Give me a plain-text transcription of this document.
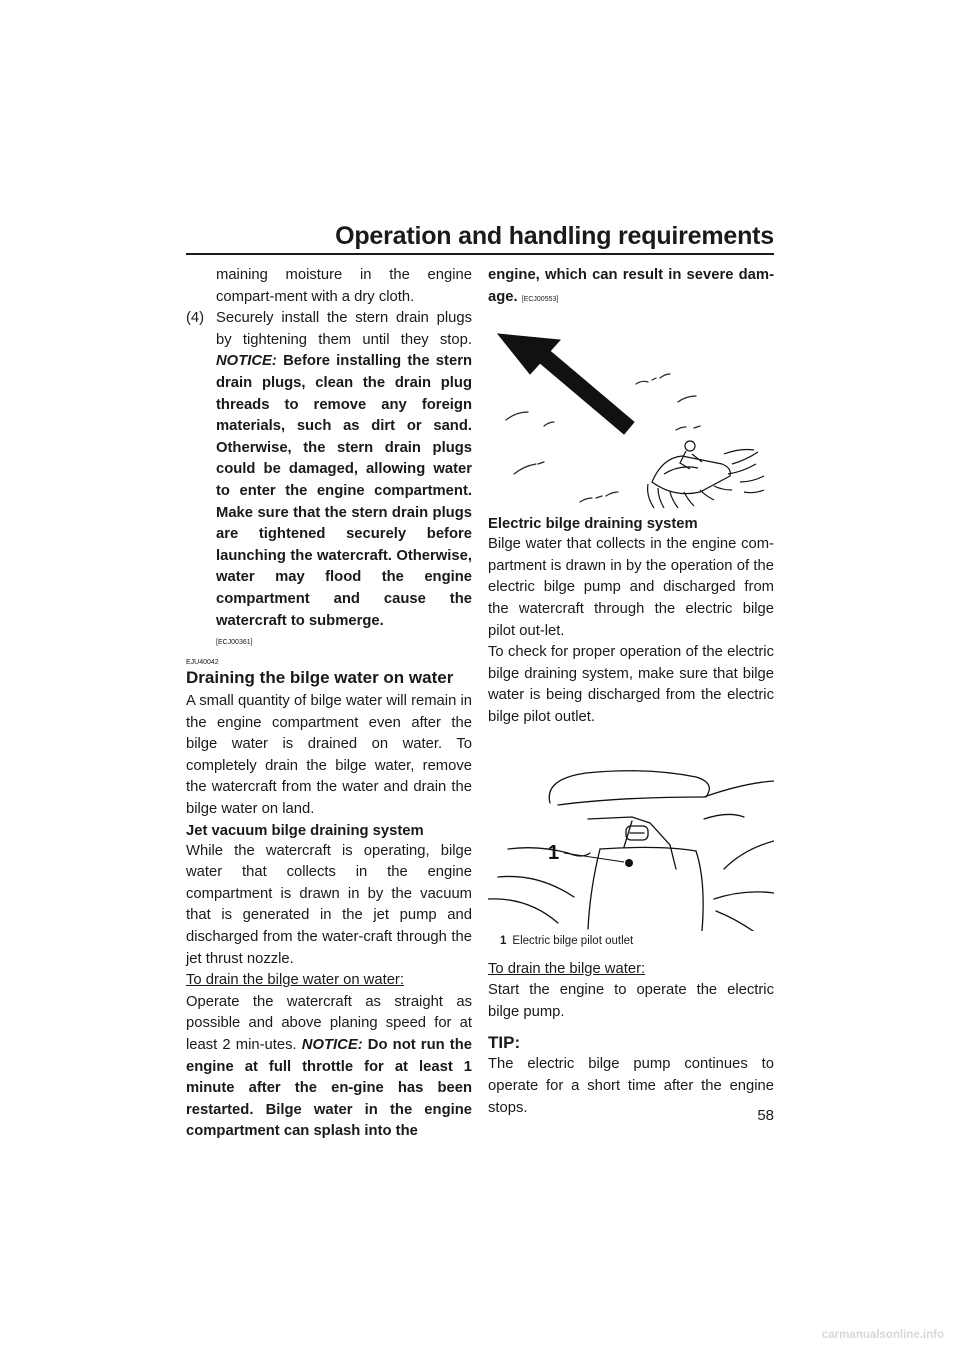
Operation and handling requirements

maining moisture in the engine compart-ment with a dry cloth.

(4) Securely install the stern drain plugs by tightening them until they stop. NOTICE: Before installing the stern drain plugs, clean the drain plug threads to remove any foreign materials, such as dirt or sand. Otherwise, the stern drain plugs could be damaged, allowing water to enter the engine compartment. Make sure that the stern drain plugs are tightened securely before launching the watercraft. Otherwise, water may flood the engine compartment and cause the watercraft to submerge.
[ECJ00361]
EJU40042
Draining the bilge water on water

A small quantity of bilge water will remain in the engine compartment even after the bilge water is drained on water. To completely drain the bilge water, remove the watercraft from the water and drain the bilge water on land.

Jet vacuum bilge draining system

While the watercraft is operating, bilge water that collects in the engine compartment is drawn in by the vacuum that is generated in the jet pump and discharged from the water-craft through the jet thrust nozzle.

To drain the bilge water on water:

Operate the watercraft as straight as possible and above planing speed for at least 2 min-utes. NOTICE: Do not run the engine at full throttle for at least 1 minute after the en-gine has been restarted. Bilge water in the engine compartment can splash into the

engine, which can result in severe dam-age. [ECJ00553]

Electric bilge draining system

Bilge water that collects in the engine com-partment is drawn in by the operation of the electric bilge pump and discharged from the watercraft through the electric bilge pilot out-let.

To check for proper operation of the electric bilge draining system, make sure that bilge water is being discharged from the electric bilge pilot outlet.

1
1 Electric bilge pilot outlet
To drain the bilge water:

Start the engine to operate the electric bilge pump.

TIP:

The electric bilge pump continues to operate for a short time after the engine stops.	58
carmanualsonline.info
